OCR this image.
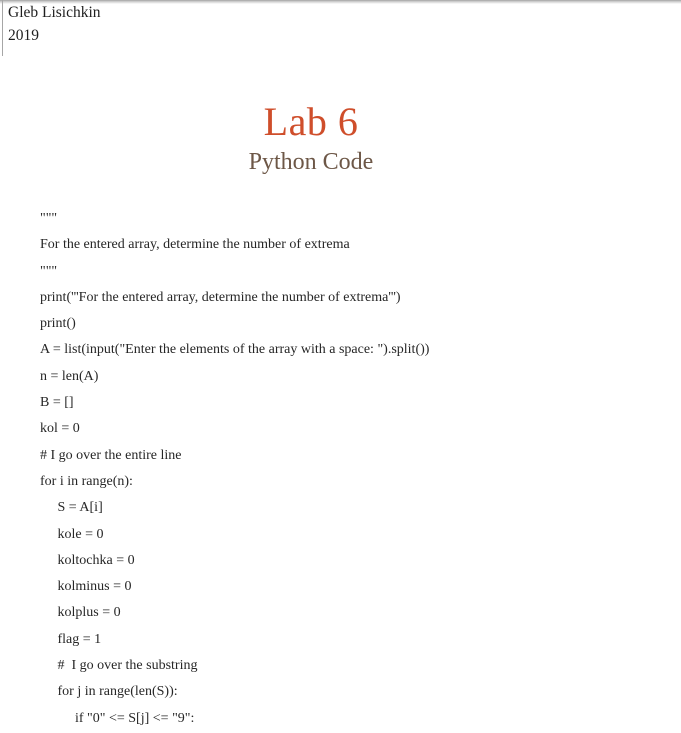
Gleb Lisichkin
2019
Lab 6
Python Code
"""
For the entered array, determine the number of extrema
"""
print('''For the entered array, determine the number of extrema''')
print()
A = list(input("Enter the elements of the array with a space: ").split())
n = len(A)
B = []
kol = 0
# I go over the entire line
for i in range(n):
S = A[i]
kole = 0
koltochka = 0
kolminus = 0
kolplus = 0
flag = 1
#  I go over the substring
for j in range(len(S)):
if "0" <= S[j] <= "9":
